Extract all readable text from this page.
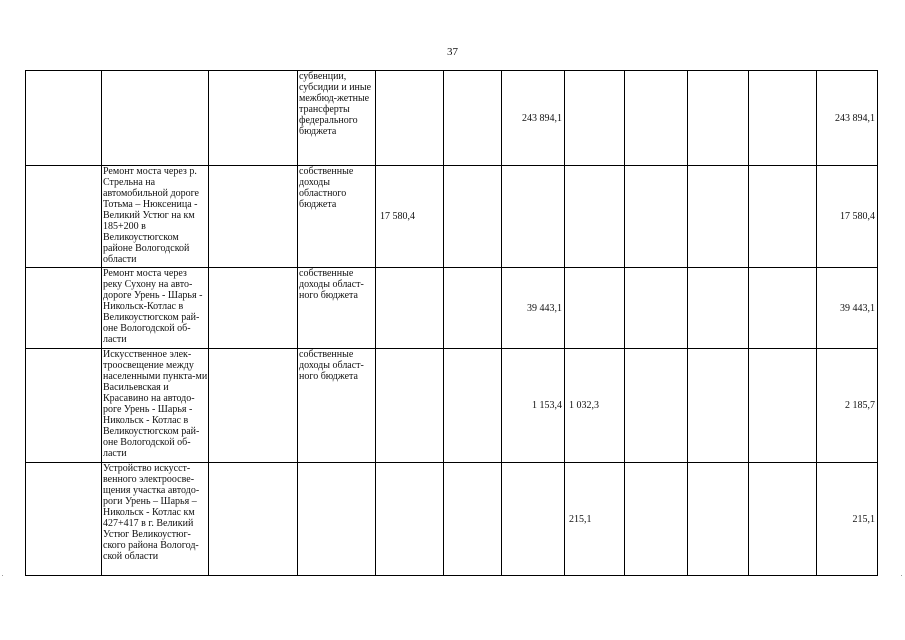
37

			субвенции, субсидии и иные межбюд-жетные трансферты федерального бюджета			243 894,1					243 894,1

	Ремонт моста через р. Стрельна на автомобильной дороге Тотьма – Нюксеница - Великий Устюг на км 185+200 в Великоустюгском районе Вологодской области		собственные доходы областного бюджета	17 580,4							17 580,4

	Ремонт моста через реку Сухону на авто-дороге Урень - Шарья - Никольск-Котлас в Великоустюгском рай-оне Вологодской об-ласти		собственные доходы област-ного бюджета			39 443,1					39 443,1

	Искусственное элек-троосвещение между населенными пункта-ми Васильевская и Красавино на автодо-роге Урень - Шарья - Никольск - Котлас в Великоустюгском рай-оне Вологодской об-ласти		собственные доходы област-ного бюджета			1 153,4	1 032,3				2 185,7

	Устройство искусст-венного электроосве-щения участка автодо-роги Урень – Шарья – Никольск - Котлас км 427+417 в г. Великий Устюг Великоустюг-ского района Вологод-ской области						215,1				215,1
